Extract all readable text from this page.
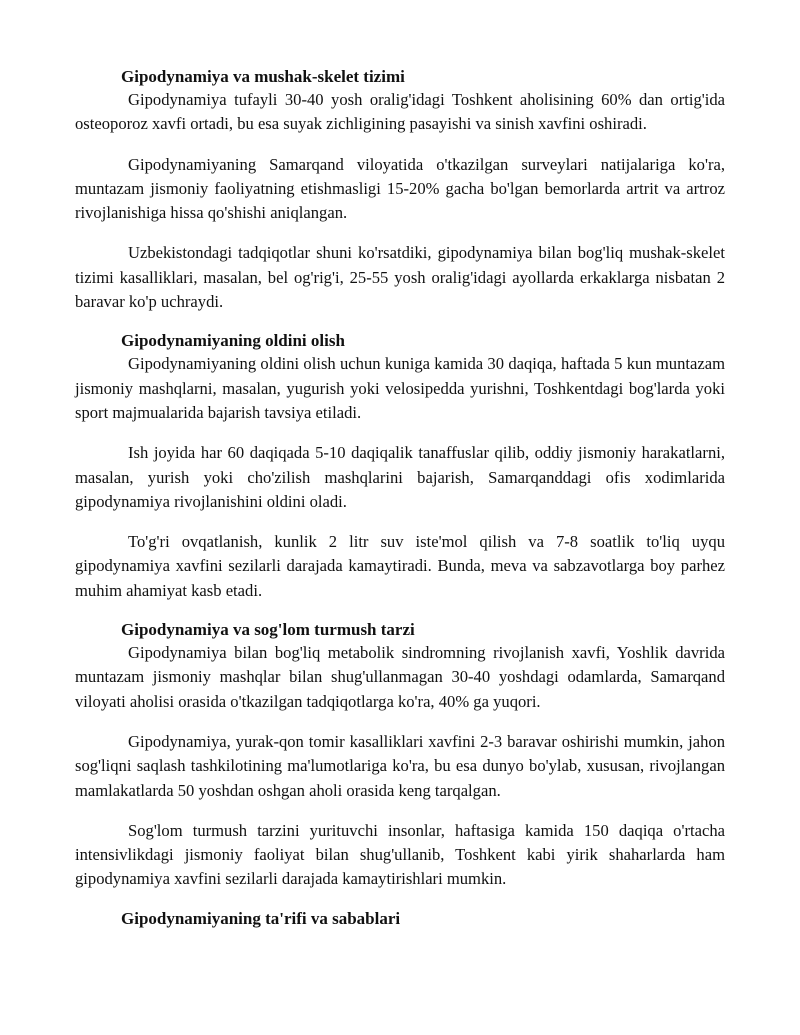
Gipodynamiya va mushak-skelet tizimi

Gipodynamiya tufayli 30-40 yosh oralig'idagi Toshkent aholisining 60% dan ortig'ida osteoporoz xavfi ortadi, bu esa suyak zichligining pasayishi va sinish xavfini oshiradi.

Gipodynamiyaning Samarqand viloyatida o'tkazilgan surveylari natijalariga ko'ra, muntazam jismoniy faoliyatning etishmasligi 15-20% gacha bo'lgan bemorlarda artrit va artroz rivojlanishiga hissa qo'shishi aniqlangan.

Uzbekistondagi tadqiqotlar shuni ko'rsatdiki, gipodynamiya bilan bog'liq mushak-skelet tizimi kasalliklari, masalan, bel og'rig'i, 25-55 yosh oralig'idagi ayollarda erkaklarga nisbatan 2 baravar ko'p uchraydi.

Gipodynamiyaning oldini olish

Gipodynamiyaning oldini olish uchun kuniga kamida 30 daqiqa, haftada 5 kun muntazam jismoniy mashqlarni, masalan, yugurish yoki velosipedda yurishni, Toshkentdagi bog'larda yoki sport majmualarida bajarish tavsiya etiladi.

Ish joyida har 60 daqiqada 5-10 daqiqalik tanaffuslar qilib, oddiy jismoniy harakatlarni, masalan, yurish yoki cho'zilish mashqlarini bajarish, Samarqanddagi ofis xodimlarida gipodynamiya rivojlanishini oldini oladi.

To'g'ri ovqatlanish, kunlik 2 litr suv iste'mol qilish va 7-8 soatlik to'liq uyqu gipodynamiya xavfini sezilarli darajada kamaytiradi. Bunda, meva va sabzavotlarga boy parhez muhim ahamiyat kasb etadi.

Gipodynamiya va sog'lom turmush tarzi

Gipodynamiya bilan bog'liq metabolik sindromning rivojlanish xavfi, Yoshlik davrida muntazam jismoniy mashqlar bilan shug'ullanmagan 30-40 yoshdagi odamlarda, Samarqand viloyati aholisi orasida o'tkazilgan tadqiqotlarga ko'ra, 40% ga yuqori.

Gipodynamiya, yurak-qon tomir kasalliklari xavfini 2-3 baravar oshirishi mumkin, jahon sog'liqni saqlash tashkilotining ma'lumotlariga ko'ra, bu esa dunyo bo'ylab, xususan, rivojlangan mamlakatlarda 50 yoshdan oshgan aholi orasida keng tarqalgan.

Sog'lom turmush tarzini yurituvchi insonlar, haftasiga kamida 150 daqiqa o'rtacha intensivlikdagi jismoniy faoliyat bilan shug'ullanib, Toshkent kabi yirik shaharlarda ham gipodynamiya xavfini sezilarli darajada kamaytirishlari mumkin.

Gipodynamiyaning ta'rifi va sabablari
